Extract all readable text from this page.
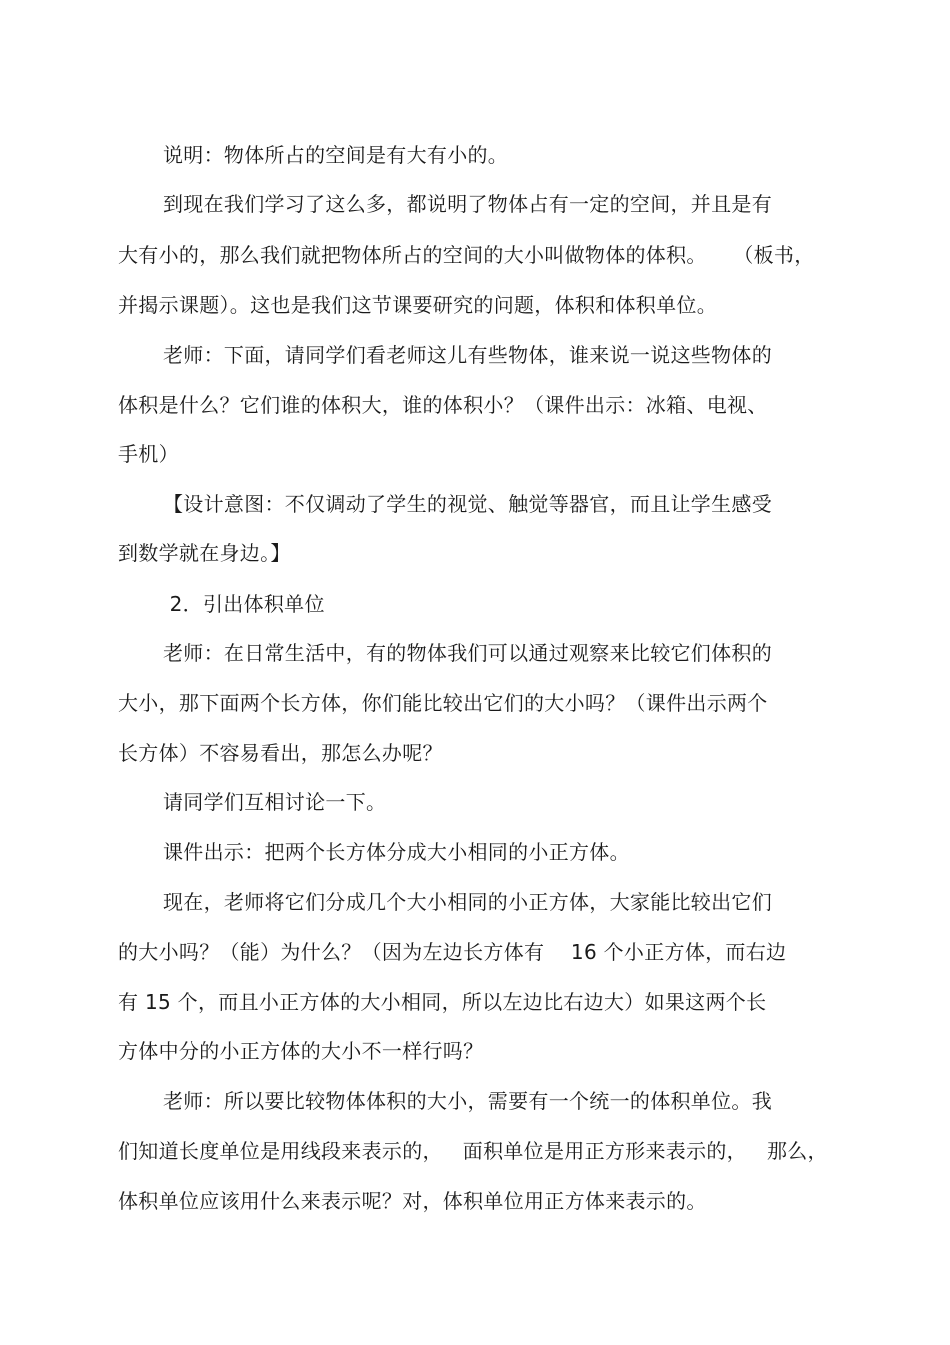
说明：物体所占的空间是有大有小的。
到现在我们学习了这么多，都说明了物体占有一定的空间，并且是有
大有小的，那么我们就把物体所占的空间的大小叫做物体的体积。    （板书，
并揭示课题）。这也是我们这节课要研究的问题，体积和体积单位。
老师：下面，请同学们看老师这儿有些物体，谁来说一说这些物体的
体积是什么？它们谁的体积大，谁的体积小？（课件出示：冰箱、电视、
手机）
【设计意图：不仅调动了学生的视觉、触觉等器官，而且让学生感受
到数学就在身边。】
2．引出体积单位
老师：在日常生活中，有的物体我们可以通过观察来比较它们体积的
大小，那下面两个长方体，你们能比较出它们的大小吗？（课件出示两个
长方体）不容易看出，那怎么办呢？
请同学们互相讨论一下。
课件出示：把两个长方体分成大小相同的小正方体。
现在，老师将它们分成几个大小相同的小正方体，大家能比较出它们
的大小吗？（能）为什么？（因为左边长方体有    16 个小正方体，而右边
有 15 个，而且小正方体的大小相同，所以左边比右边大）如果这两个长
方体中分的小正方体的大小不一样行吗？
老师：所以要比较物体体积的大小，需要有一个统一的体积单位。我
们知道长度单位是用线段来表示的，   面积单位是用正方形来表示的，   那么，
体积单位应该用什么来表示呢？对，体积单位用正方体来表示的。
